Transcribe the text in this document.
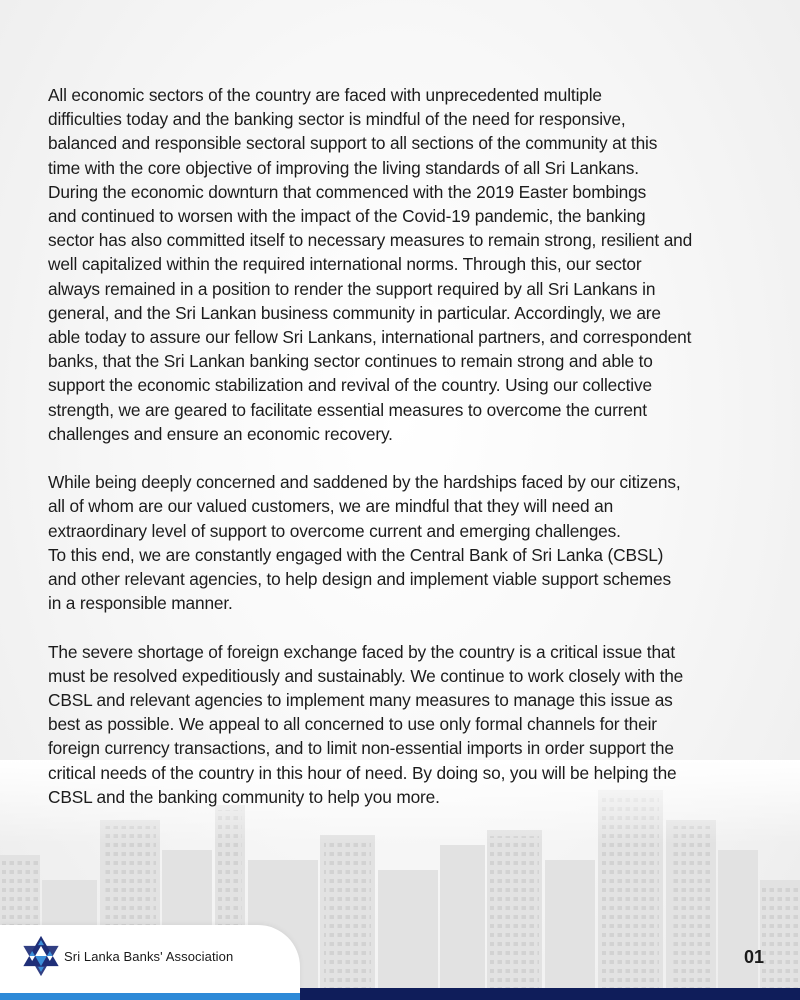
All economic sectors of the country are faced with unprecedented multiple
difficulties today and the banking sector is mindful of the need for responsive,
balanced and responsible sectoral support to all sections of the community at this
time with the core objective of improving the living standards of all Sri Lankans.
During the economic downturn that commenced with the 2019 Easter bombings
and continued to worsen with the impact of the Covid-19 pandemic, the banking
sector has also committed itself to necessary measures to remain strong, resilient and
well capitalized within the required international norms. Through this, our sector
always remained in a position to render the support required by all Sri Lankans in
general, and the Sri Lankan business community in particular. Accordingly, we are
able today to assure our fellow Sri Lankans, international partners, and correspondent
banks, that the Sri Lankan banking sector continues to remain strong and able to
support the economic stabilization and revival of the country. Using our collective
strength, we are geared to facilitate essential measures to overcome the current
challenges and ensure an economic recovery.

While being deeply concerned and saddened by the hardships faced by our citizens,
all of whom are our valued customers, we are mindful that they will need an
extraordinary level of support to overcome current and emerging challenges.
To this end, we are constantly engaged with the Central Bank of Sri Lanka (CBSL)
and other relevant agencies, to help design and implement viable support schemes
in a responsible manner.

The severe shortage of foreign exchange faced by the country is a critical issue that
must be resolved expeditiously and sustainably. We continue to work closely with the
CBSL and relevant agencies to implement many measures to manage this issue as
best as possible. We appeal to all concerned to use only formal channels for their
foreign currency transactions, and to limit non-essential imports in order support the
critical needs of the country in this hour of need. By doing so, you will be helping the
CBSL and the banking community to help you more.

Sri Lanka Banks' Association	01
